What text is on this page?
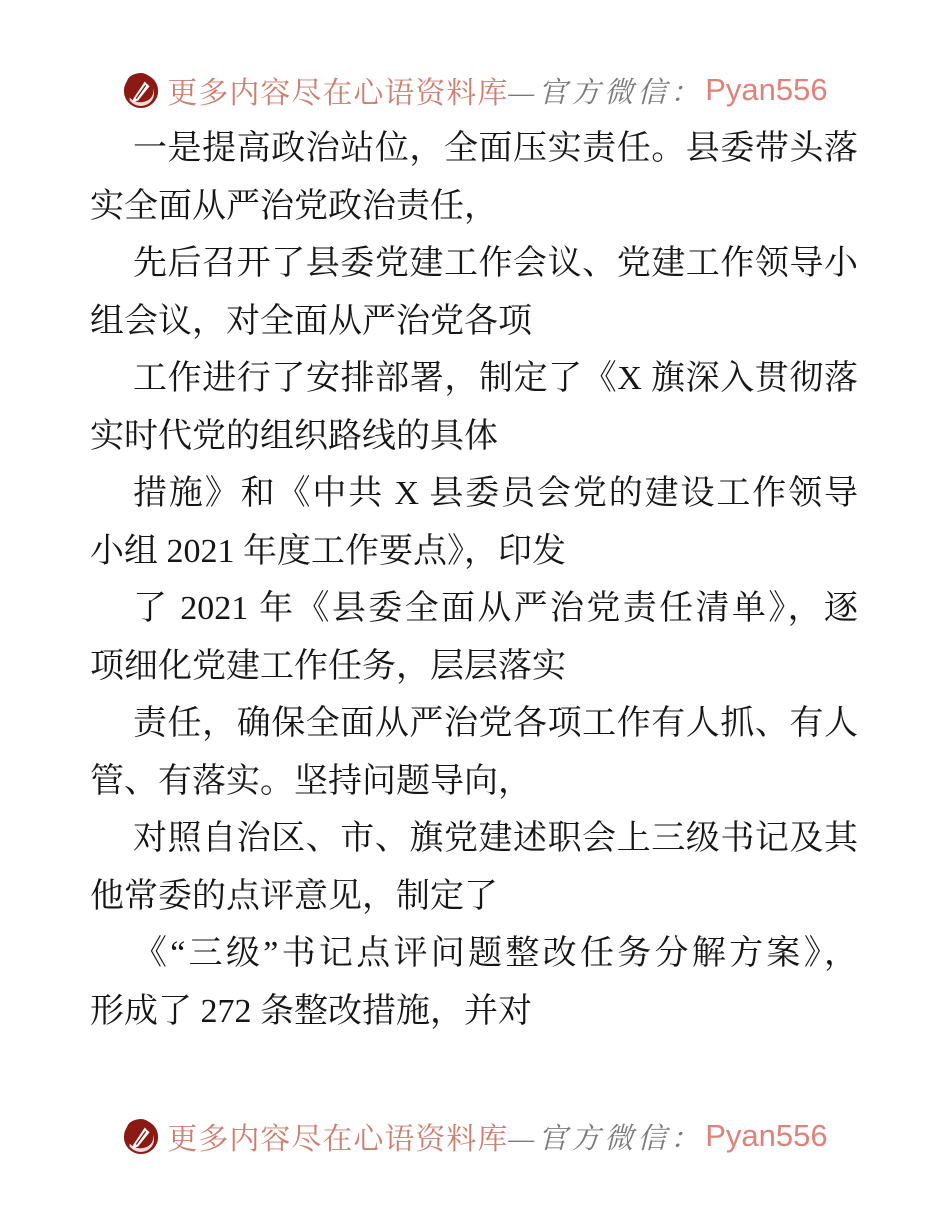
更多内容尽在心语资料库 —官方微信： Pyan556
一是提高政治站位，全面压实责任。县委带头落
实全面从严治党政治责任，
先后召开了县委党建工作会议、党建工作领导小
组会议，对全面从严治党各项
工作进行了安排部署，制定了《X 旗深入贯彻落
实时代党的组织路线的具体
措施》和《中共 X 县委员会党的建设工作领导
小组 2021 年度工作要点》，印发
了 2021 年《县委全面从严治党责任清单》，逐
项细化党建工作任务，层层落实
责任，确保全面从严治党各项工作有人抓、有人
管、有落实。坚持问题导向，
对照自治区、市、旗党建述职会上三级书记及其
他常委的点评意见，制定了
《“三级”书记点评问题整改任务分解方案》，
形成了 272 条整改措施，并对
更多内容尽在心语资料库 —官方微信： Pyan556
